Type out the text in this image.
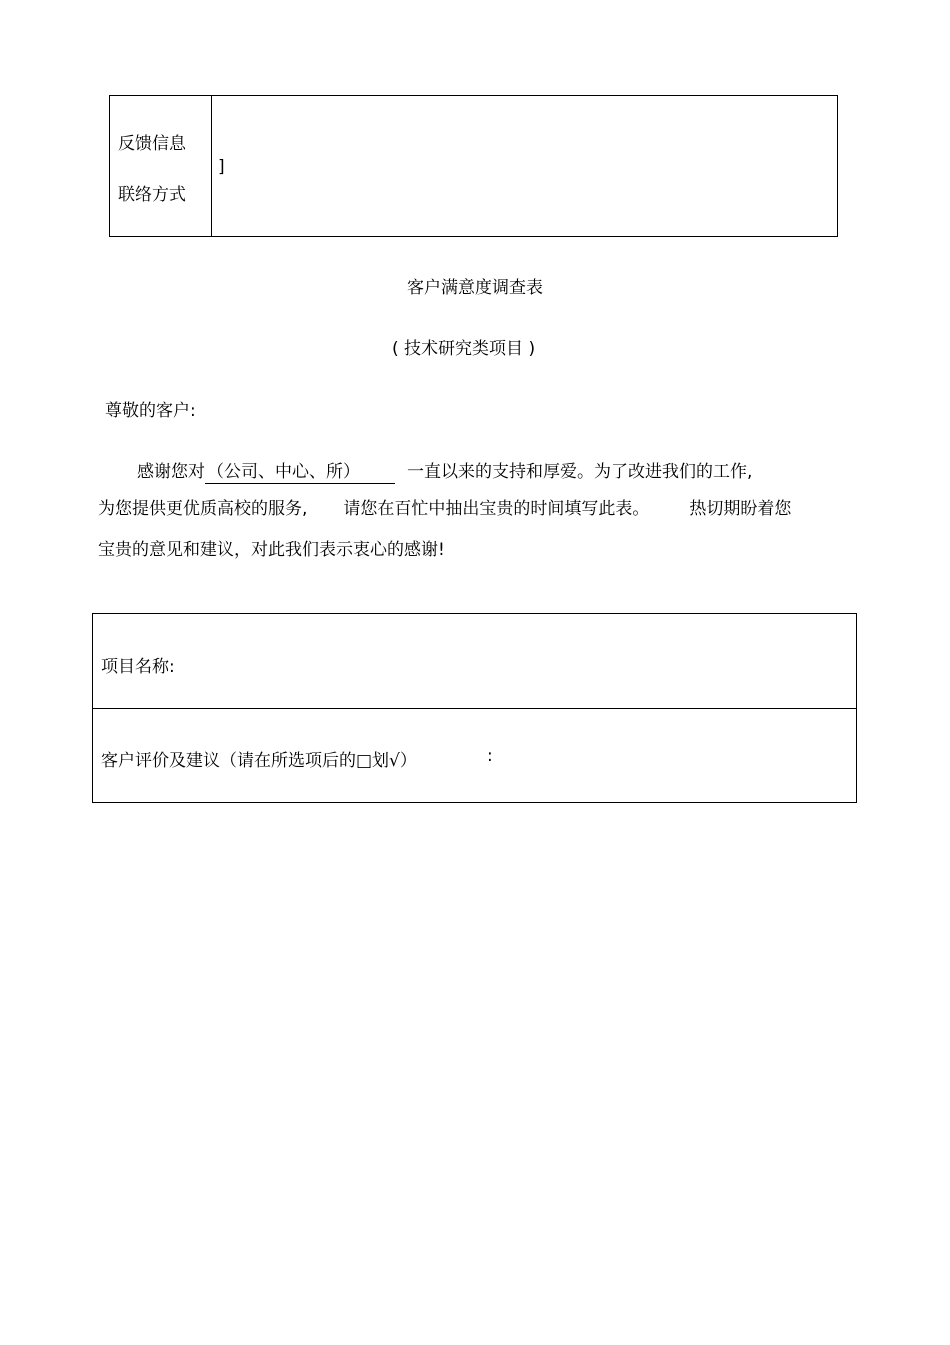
反馈信息
联络方式
]
客户满意度调查表
( 技术研究类项目 )
尊敬的客户:
感谢您对 （公司、中心、所）	一直以来的支持和厚爱。为了改进我们的工作,
为您提供更优质高校的服务, 请您在百忙中抽出宝贵的时间填写此表。 热切期盼着您
宝贵的意见和建议，对此我们表示衷心的感谢!
项目名称:
客户评价及建议（请在所选项后的□划√）	:
